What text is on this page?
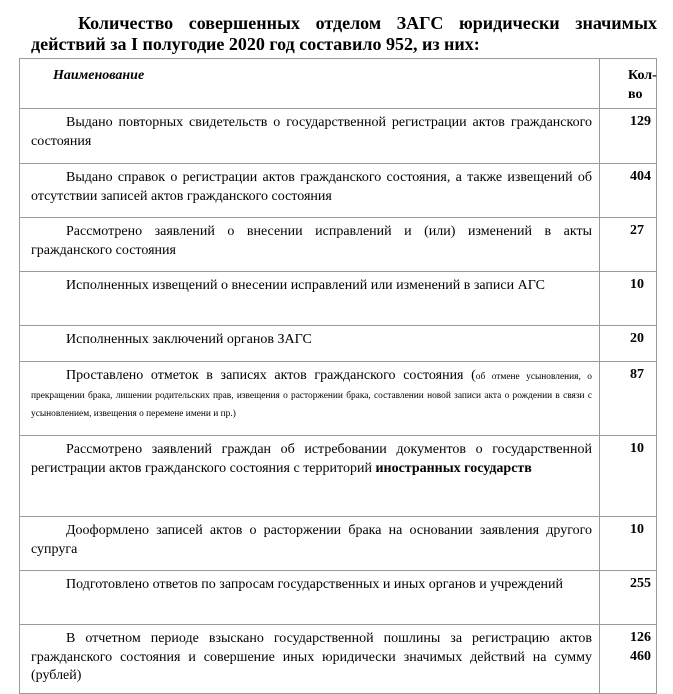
Количество совершенных отделом ЗАГС юридически значимых действий за I полугодие 2020 год составило 952, из них:
Наименование	Кол-во
Выдано повторных свидетельств о государственной регистрации актов гражданского состояния	129
Выдано справок о регистрации актов гражданского состояния, а также извещений об отсутствии записей актов гражданского состояния	404
Рассмотрено заявлений о внесении исправлений и (или) изменений в акты гражданского состояния	27
Исполненных извещений о внесении исправлений или изменений в записи АГС	10
Исполненных заключений органов ЗАГС	20
Проставлено отметок в записях актов гражданского состояния (об отмене усыновления, о прекращении брака, лишении родительских прав, извещения о расторжении брака, составлении новой записи акта о рождении в связи с усыновлением, извещения о перемене имени и пр.)	87
Рассмотрено заявлений граждан об истребовании документов о государственной регистрации актов гражданского состояния с территорий иностранных государств	10
Дооформлено записей актов о расторжении брака на основании заявления другого супруга	10
Подготовлено ответов по запросам государственных и иных органов и учреждений	255
В отчетном периоде взыскано государственной пошлины за регистрацию актов гражданского состояния и совершение иных юридически значимых действий на сумму (рублей)	126 460
